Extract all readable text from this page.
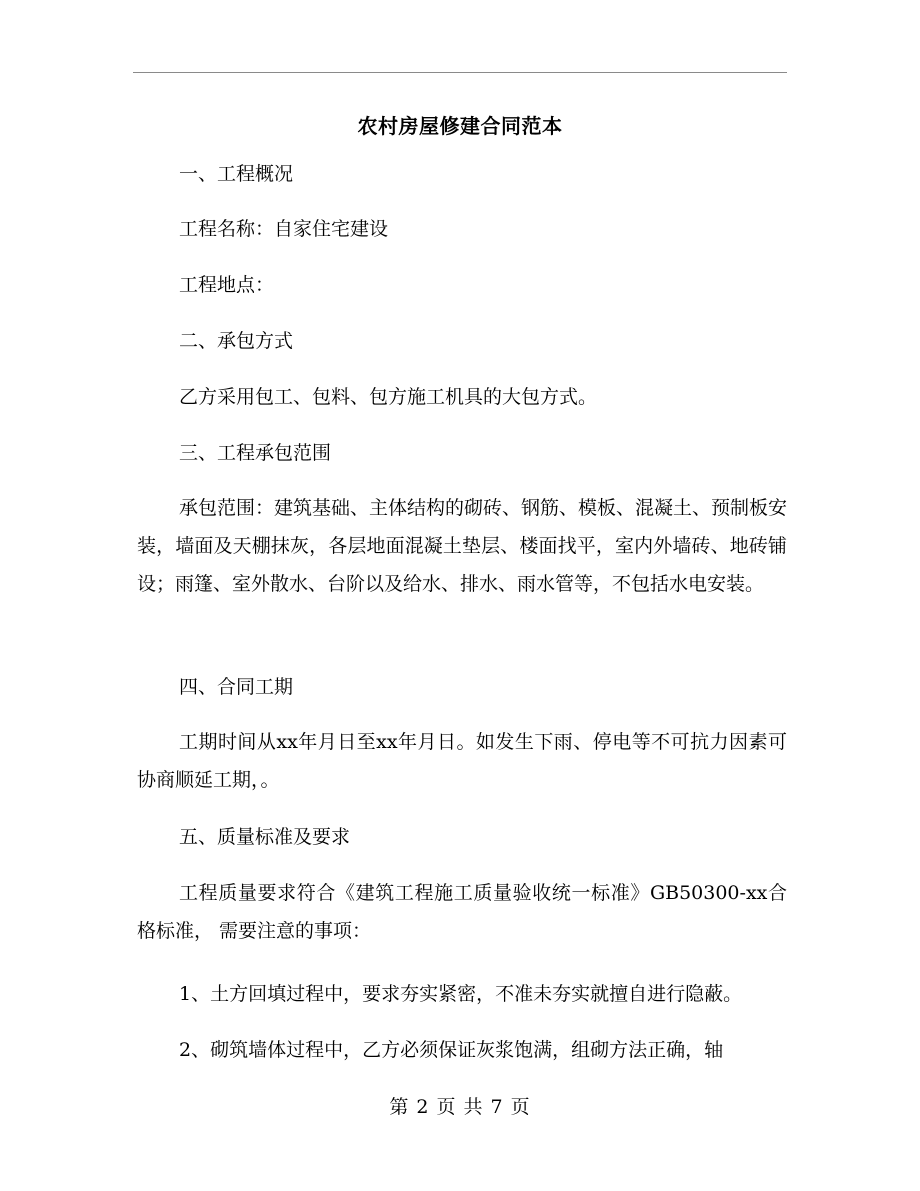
农村房屋修建合同范本
一、工程概况
工程名称：自家住宅建设
工程地点：
二、承包方式
乙方采用包工、包料、包方施工机具的大包方式。
三、工程承包范围
承包范围：建筑基础、主体结构的砌砖、钢筋、模板、混凝土、预制板安装，墙面及天棚抹灰，各层地面混凝土垫层、楼面找平，室内外墙砖、地砖铺设；雨篷、室外散水、台阶以及给水、排水、雨水管等，不包括水电安装。
四、合同工期
工期时间从xx年月日至xx年月日。如发生下雨、停电等不可抗力因素可协商顺延工期，。
五、质量标准及要求
工程质量要求符合《建筑工程施工质量验收统一标准》GB50300-xx合格标准， 需要注意的事项：
1、土方回填过程中，要求夯实紧密，不准未夯实就擅自进行隐蔽。
2、砌筑墙体过程中，乙方必须保证灰浆饱满，组砌方法正确，轴
第 2 页 共 7 页
